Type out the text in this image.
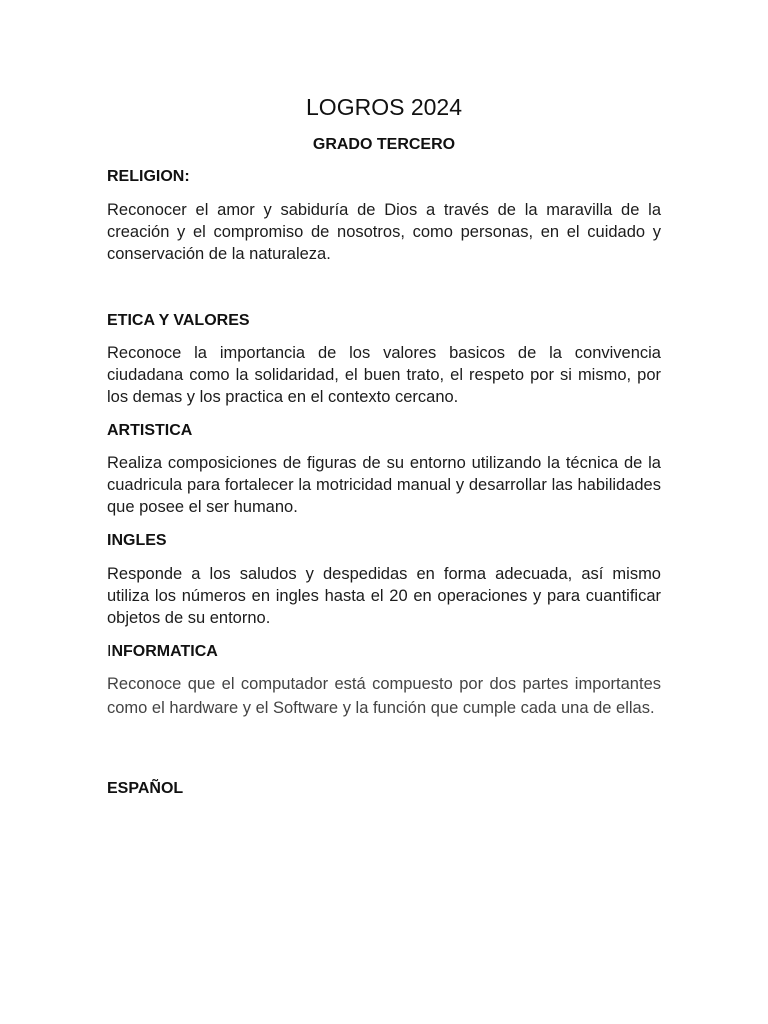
LOGROS 2024
GRADO TERCERO
RELIGION:

Reconocer el amor y sabiduría de Dios a través de la maravilla de la creación y el compromiso de nosotros, como personas, en el cuidado y conservación de la naturaleza.

ETICA Y VALORES

Reconoce la importancia de los valores basicos de la convivencia ciudadana como la solidaridad, el buen trato, el respeto por si mismo, por los demas y los practica en el contexto cercano.

ARTISTICA

Realiza composiciones de figuras de su entorno utilizando la técnica de la cuadricula para fortalecer la motricidad manual y desarrollar las habilidades que posee el ser humano.

INGLES

Responde a los saludos y despedidas en forma adecuada, así mismo utiliza los números en ingles hasta el 20 en operaciones y para cuantificar objetos de su entorno.

INFORMATICA

Reconoce que el computador está compuesto por dos partes importantes como el hardware y el Software y la función que cumple cada una de ellas.

ESPAÑOL
